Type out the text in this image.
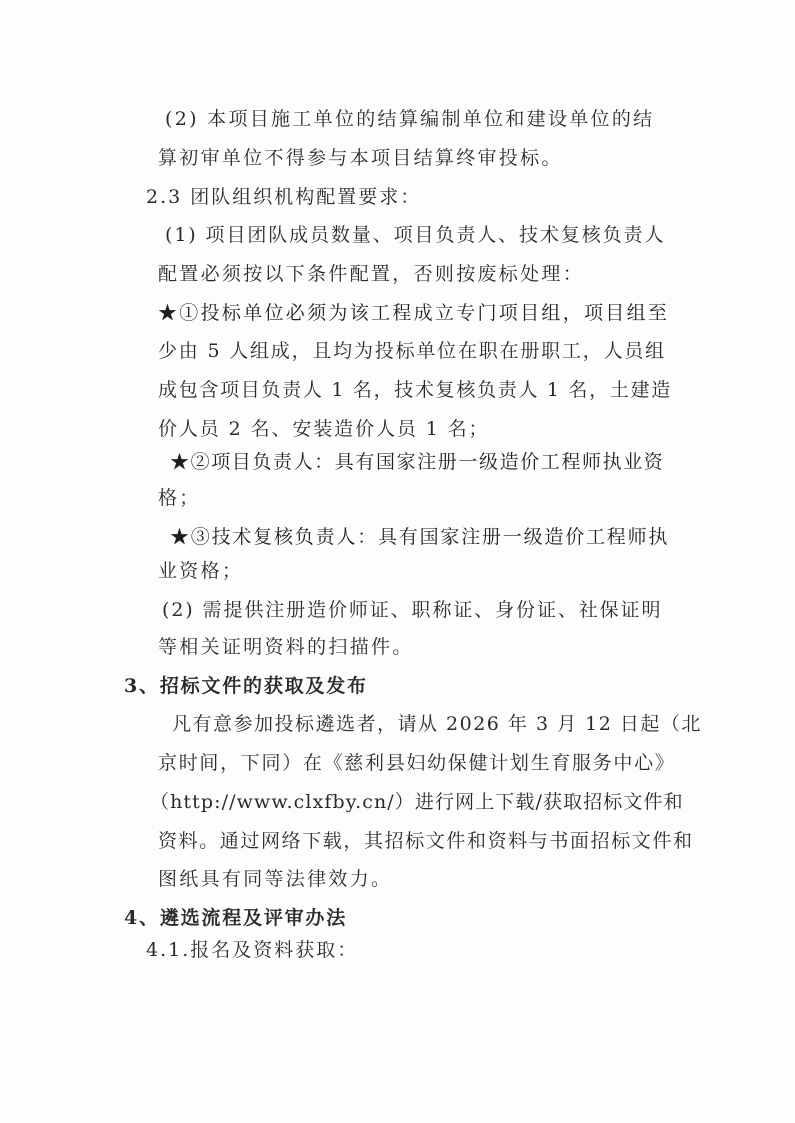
(2) 本项目施工单位的结算编制单位和建设单位的结
算初审单位不得参与本项目结算终审投标。
2.3 团队组织机构配置要求：
(1) 项目团队成员数量、项目负责人、技术复核负责人
配置必须按以下条件配置，否则按废标处理：
★①投标单位必须为该工程成立专门项目组，项目组至
少由 5 人组成，且均为投标单位在职在册职工，人员组
成包含项目负责人 1 名，技术复核负责人 1 名，土建造
价人员 2 名、安装造价人员 1 名；
★②项目负责人：具有国家注册一级造价工程师执业资
格；
★③技术复核负责人：具有国家注册一级造价工程师执
业资格；
(2) 需提供注册造价师证、职称证、身份证、社保证明
等相关证明资料的扫描件。
3、招标文件的获取及发布
凡有意参加投标遴选者，请从 2026 年 3 月 12 日起（北
京时间，下同）在《慈利县妇幼保健计划生育服务中心》
（http://www.clxfby.cn/）进行网上下载/获取招标文件和
资料。通过网络下载，其招标文件和资料与书面招标文件和
图纸具有同等法律效力。
4、遴选流程及评审办法
4.1.报名及资料获取：
